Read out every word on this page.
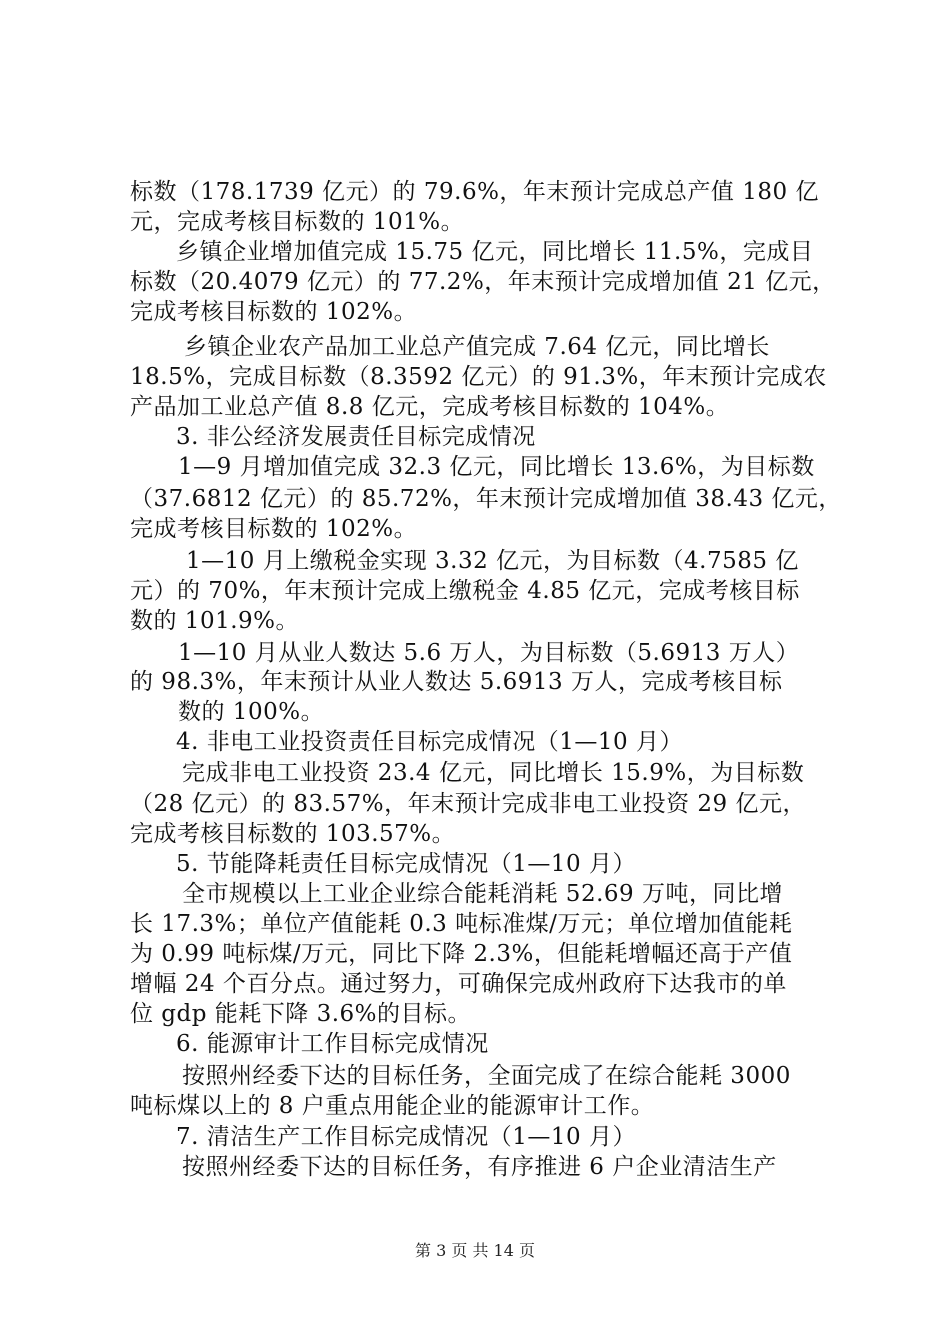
标数（178.1739 亿元）的 79.6%，年末预计完成总产值 180 亿
元，完成考核目标数的 101%。
乡镇企业增加值完成 15.75 亿元，同比增长 11.5%，完成目
标数（20.4079 亿元）的 77.2%，年末预计完成增加值 21 亿元，
完成考核目标数的 102%。
乡镇企业农产品加工业总产值完成 7.64 亿元，同比增长
18.5%，完成目标数（8.3592 亿元）的 91.3%，年末预计完成农
产品加工业总产值 8.8 亿元，完成考核目标数的 104%。
3. 非公经济发展责任目标完成情况
1—9 月增加值完成 32.3 亿元，同比增长 13.6%，为目标数
（37.6812 亿元）的 85.72%，年末预计完成增加值 38.43 亿元，
完成考核目标数的 102%。
1—10 月上缴税金实现 3.32 亿元，为目标数（4.7585 亿
元）的 70%，年末预计完成上缴税金 4.85 亿元，完成考核目标
数的 101.9%。
1—10 月从业人数达 5.6 万人，为目标数（5.6913 万人）
的 98.3%，年末预计从业人数达 5.6913 万人，完成考核目标
数的 100%。
4. 非电工业投资责任目标完成情况（1—10 月）
完成非电工业投资 23.4 亿元，同比增长 15.9%，为目标数
（28 亿元）的 83.57%，年末预计完成非电工业投资 29 亿元，
完成考核目标数的 103.57%。
5. 节能降耗责任目标完成情况（1—10 月）
全市规模以上工业企业综合能耗消耗 52.69 万吨，同比增
长 17.3%；单位产值能耗 0.3 吨标准煤/万元；单位增加值能耗
为 0.99 吨标煤/万元，同比下降 2.3%，但能耗增幅还高于产值
增幅 24 个百分点。通过努力，可确保完成州政府下达我市的单
位 gdp 能耗下降 3.6%的目标。
6. 能源审计工作目标完成情况
按照州经委下达的目标任务，全面完成了在综合能耗 3000
吨标煤以上的 8 户重点用能企业的能源审计工作。
7. 清洁生产工作目标完成情况（1—10 月）
按照州经委下达的目标任务，有序推进 6 户企业清洁生产
第 3 页 共 14 页
